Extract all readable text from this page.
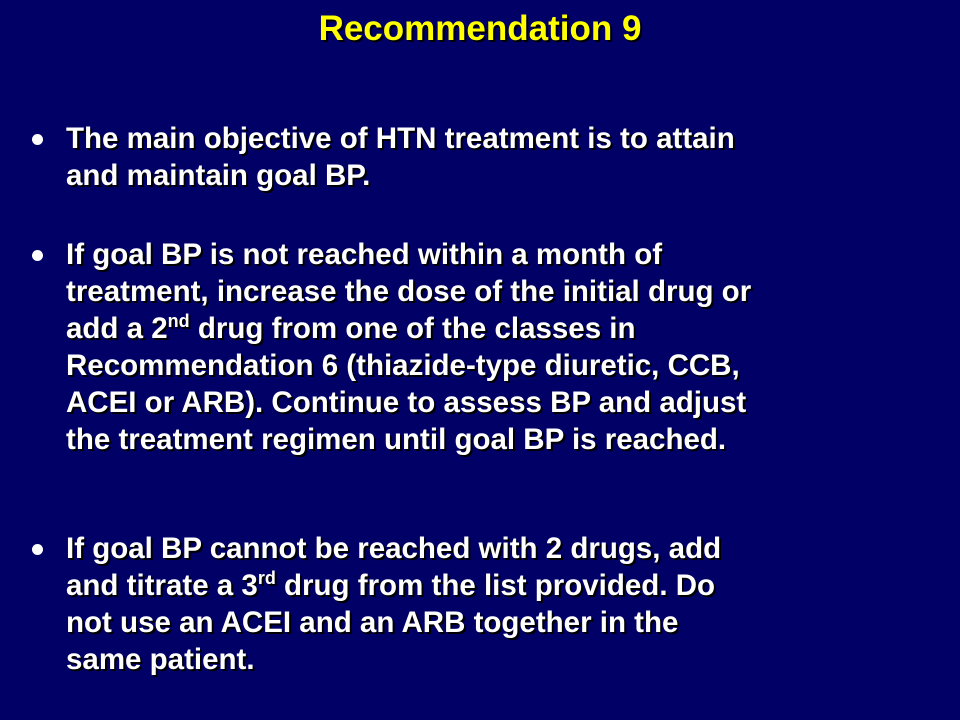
Recommendation 9
The main objective of HTN treatment is to attain
and maintain goal BP.
If goal BP is not reached within a month of
treatment, increase the dose of the initial drug or
add a 2nd drug from one of the classes in
Recommendation 6 (thiazide-type diuretic, CCB,
ACEI or ARB). Continue to assess BP and adjust
the treatment regimen until goal BP is reached.
If goal BP cannot be reached with 2 drugs, add
and titrate a 3rd drug from the list provided. Do
not use an ACEI and an ARB together in the
same patient.
